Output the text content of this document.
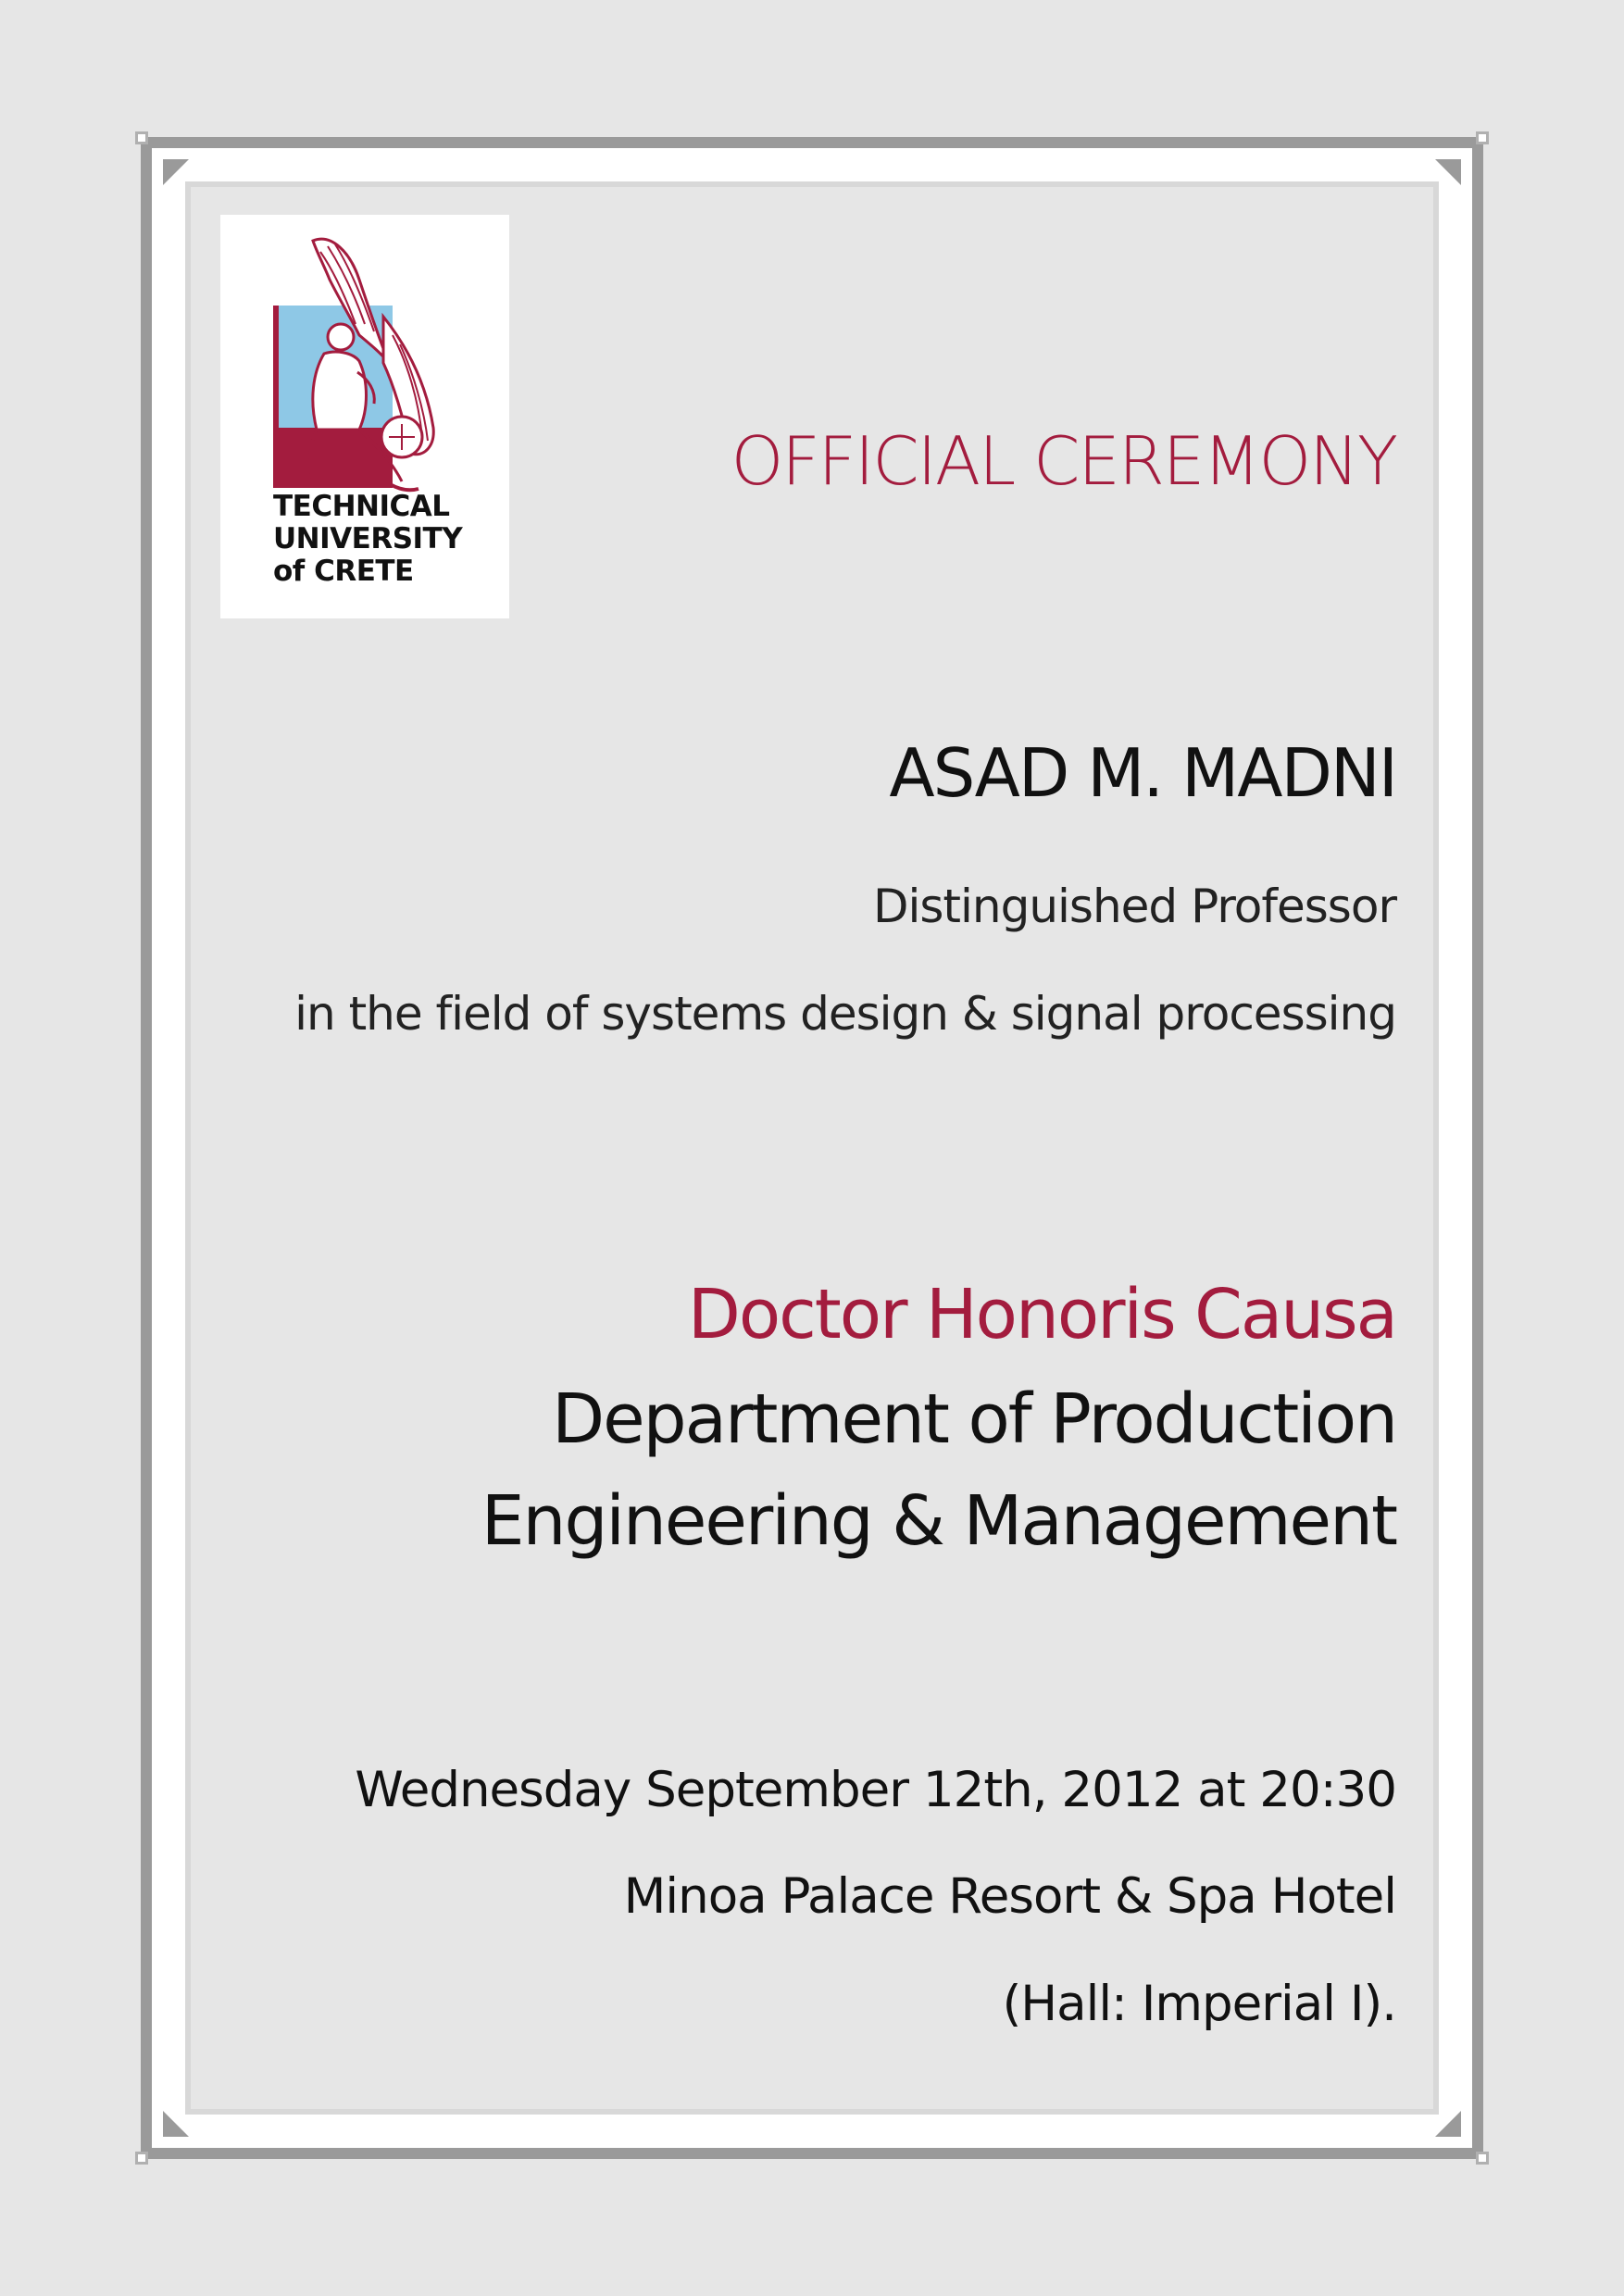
TECHNICAL
UNIVERSITY
of CRETE
OFFICIAL CEREMONY
ASAD M. MADNI
Distinguished Professor
in the field of systems design & signal processing
Doctor Honoris Causa
Department of Production
Engineering & Management
Wednesday September 12th, 2012 at 20:30
Minoa Palace Resort & Spa Hotel
(Hall: Imperial I).
